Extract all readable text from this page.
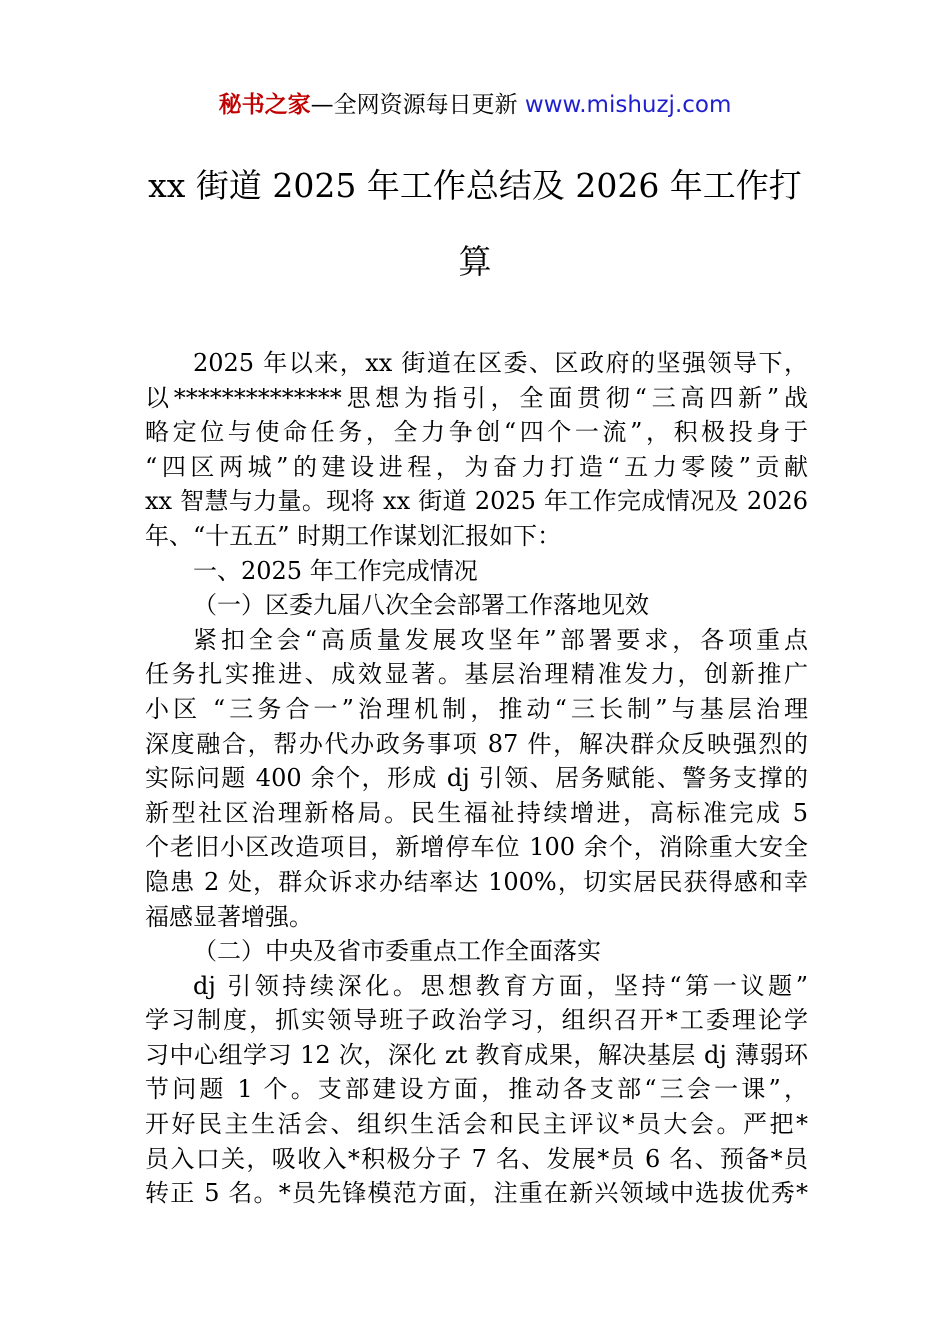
秘书之家—全网资源每日更新 www.mishuzj.com
xx 街道 2025 年工作总结及 2026 年工作打
算
2025 年以来，xx 街道在区委、区政府的坚强领导下，
以**************思想为指引，全面贯彻“三高四新”战
略定位与使命任务，全力争创“四个一流”，积极投身于
“四区两城”的建设进程，为奋力打造“五力零陵”贡献
xx 智慧与力量。现将 xx 街道 2025 年工作完成情况及 2026
年、“十五五” 时期工作谋划汇报如下：
一、2025 年工作完成情况
（一）区委九届八次全会部署工作落地见效
紧扣全会“高质量发展攻坚年”部署要求，各项重点
任务扎实推进、成效显著。基层治理精准发力，创新推广
小区 “三务合一”治理机制，推动“三长制”与基层治理
深度融合，帮办代办政务事项 87 件，解决群众反映强烈的
实际问题 400 余个，形成 dj 引领、居务赋能、警务支撑的
新型社区治理新格局。民生福祉持续增进，高标准完成 5
个老旧小区改造项目，新增停车位 100 余个，消除重大安全
隐患 2 处，群众诉求办结率达 100%，切实居民获得感和幸
福感显著增强。
（二）中央及省市委重点工作全面落实
dj 引领持续深化。思想教育方面，坚持“第一议题”
学习制度，抓实领导班子政治学习，组织召开*工委理论学
习中心组学习 12 次，深化 zt 教育成果，解决基层 dj 薄弱环
节问题 1 个。支部建设方面，推动各支部“三会一课”，
开好民主生活会、组织生活会和民主评议*员大会。严把*
员入口关，吸收入*积极分子 7 名、发展*员 6 名、预备*员
转正 5 名。*员先锋模范方面，注重在新兴领域中选拔优秀*
